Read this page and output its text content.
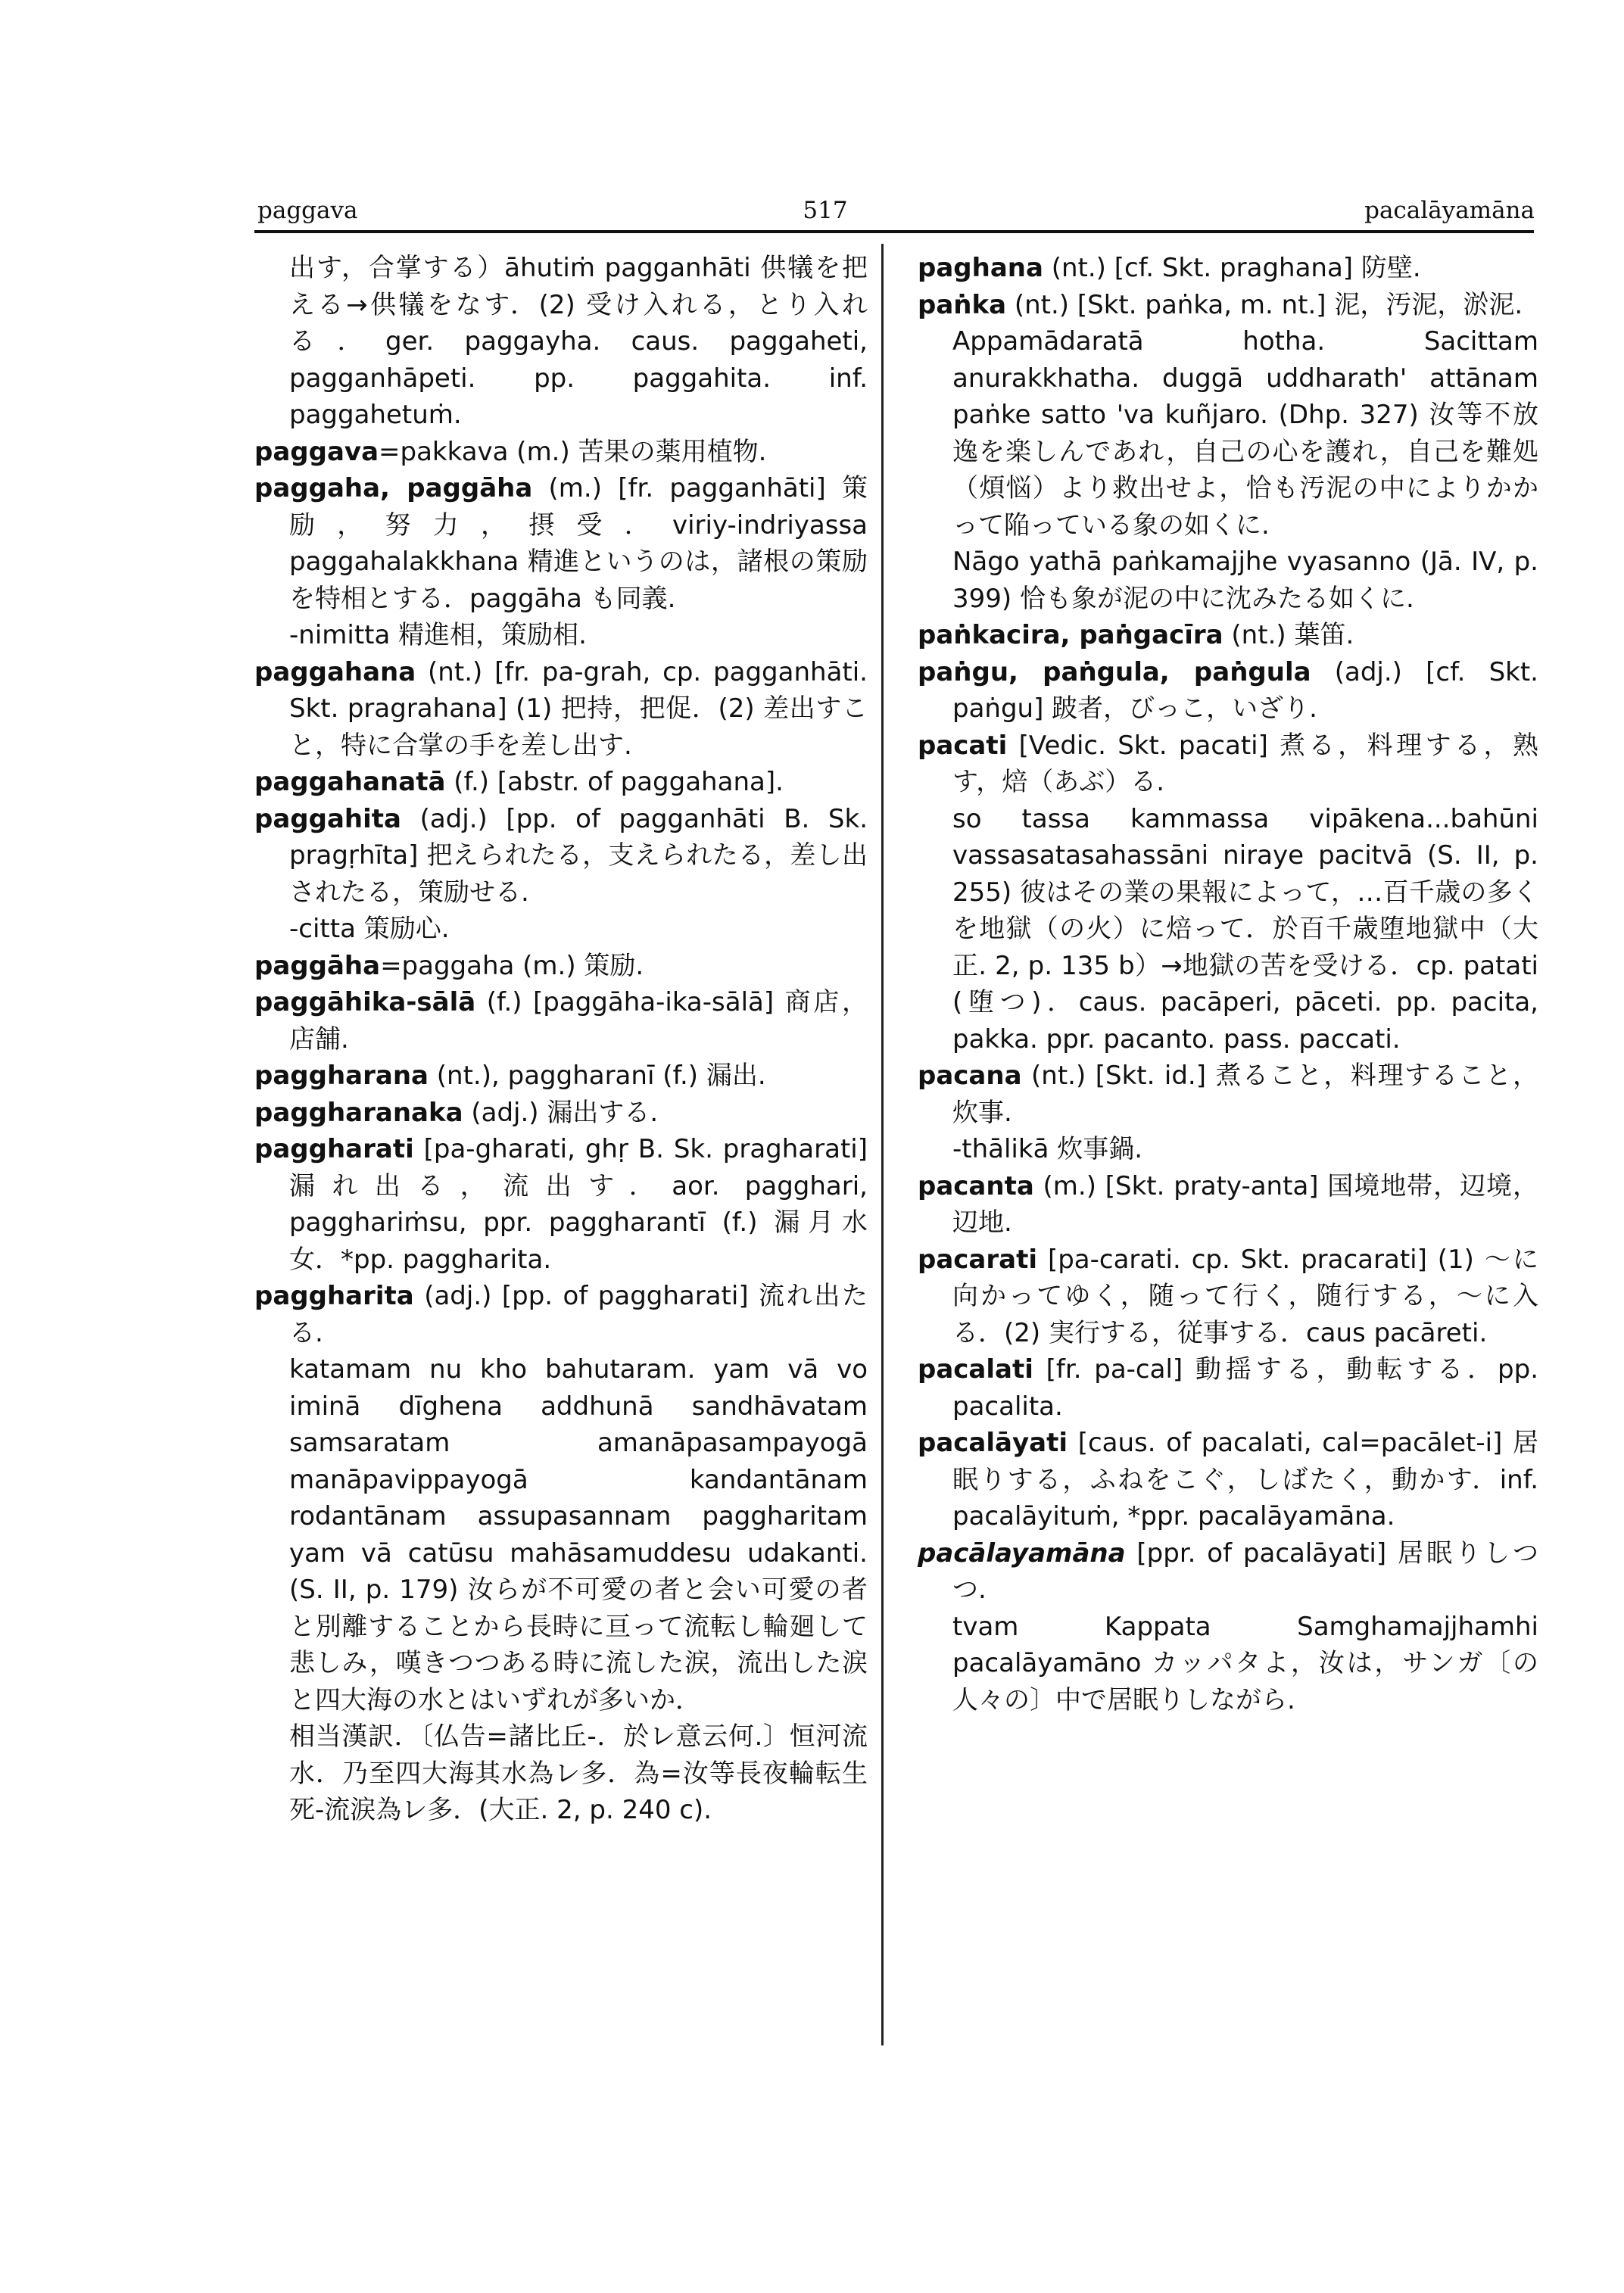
paggava	517	pacalāyamāna

出す，合掌する）āhutiṁ pagganhāti 供犠を把える→供犠をなす．(2) 受け入れる，とり入れる．ger. paggayha. caus. paggaheti, pagganhāpeti. pp. paggahita. inf. paggahetuṁ.

paggava=pakkava (m.) 苦果の薬用植物.

paggaha, paggāha (m.) [fr. pagganhāti] 策励，努力，摂受．viriy-indriyassa paggahalakkhana 精進というのは，諸根の策励を特相とする．paggāha も同義.

-nimitta 精進相，策励相.

paggahana (nt.) [fr. pa-grah, cp. pagganhāti. Skt. pragrahana] (1) 把持，把促．(2) 差出すこと，特に合掌の手を差し出す.

paggahanatā (f.) [abstr. of paggahana].

paggahita (adj.) [pp. of pagganhāti B. Sk. pragṛhīta] 把えられたる，支えられたる，差し出されたる，策励せる.

-citta 策励心.

paggāha=paggaha (m.) 策励.

paggāhika-sālā (f.) [paggāha-ika-sālā] 商店，店舗.

paggharana (nt.), paggharanī (f.) 漏出.

paggharanaka (adj.) 漏出する.

paggharati [pa-gharati, ghṛ B. Sk. pragharati] 漏れ出る，流出す．aor. pagghari, pagghariṁsu, ppr. paggharantī (f.) 漏月水女．*pp. paggharita.

paggharita (adj.) [pp. of paggharati] 流れ出たる.

katamam nu kho bahutaram. yam vā vo iminā dīghena addhunā sandhāvatam samsaratam amanāpasampayogā manāpavippayogā kandantānam rodantānam assupasannam paggharitam yam vā catūsu mahāsamuddesu udakanti. (S. II, p. 179) 汝らが不可愛の者と会い可愛の者と別離することから長時に亘って流転し輪廻して悲しみ，嘆きつつある時に流した涙，流出した涙と四大海の水とはいずれが多いか．

相当漢訳．〔仏告=諸比丘-．於レ意云何.〕恒河流水．乃至四大海其水為レ多．為=汝等長夜輪転生死-流涙為レ多．(大正. 2, p. 240 c).

paghana (nt.) [cf. Skt. praghana] 防壁.

paṅka (nt.) [Skt. paṅka, m. nt.] 泥，汚泥，淤泥.

Appamādaratā hotha. Sacittam anurakkhatha. duggā uddharath' attānam paṅke satto 'va kuñjaro. (Dhp. 327) 汝等不放逸を楽しんであれ，自己の心を護れ，自己を難処（煩悩）より救出せよ，恰も汚泥の中によりかかって陥っている象の如くに.

Nāgo yathā paṅkamajjhe vyasanno (Jā. IV, p. 399) 恰も象が泥の中に沈みたる如くに.

paṅkacira, paṅgacīra (nt.) 葉笛.

paṅgu, paṅgula, paṅgula (adj.) [cf. Skt. paṅgu] 跛者，びっこ，いざり.

pacati [Vedic. Skt. pacati] 煮る，料理する，熟す，焙（あぶ）る.

so tassa kammassa vipākena...bahūni vassasatasahassāni niraye pacitvā (S. II, p. 255) 彼はその業の果報によって，…百千歳の多くを地獄（の火）に焙って．於百千歳堕地獄中（大正. 2, p. 135 b）→地獄の苦を受ける．cp. patati (堕つ)．caus. pacāperi, pāceti. pp. pacita, pakka. ppr. pacanto. pass. paccati.

pacana (nt.) [Skt. id.] 煮ること，料理すること，炊事.

-thālikā 炊事鍋.

pacanta (m.) [Skt. praty-anta] 国境地帯，辺境，辺地.

pacarati [pa-carati. cp. Skt. pracarati] (1) ～に向かってゆく，随って行く，随行する，～に入る．(2) 実行する，従事する．caus pacāreti.

pacalati [fr. pa-cal] 動揺する，動転する．pp. pacalita.

pacalāyati [caus. of pacalati, cal=pacālet-i] 居眠りする，ふねをこぐ，しばたく，動かす．inf. pacalāyituṁ, *ppr. pacalāyamāna.

pacālayamāna [ppr. of pacalāyati] 居眠りしつつ.

tvam Kappata Samghamajjhamhi pacalāyamāno カッパタよ，汝は，サンガ〔の人々の〕中で居眠りしながら.
